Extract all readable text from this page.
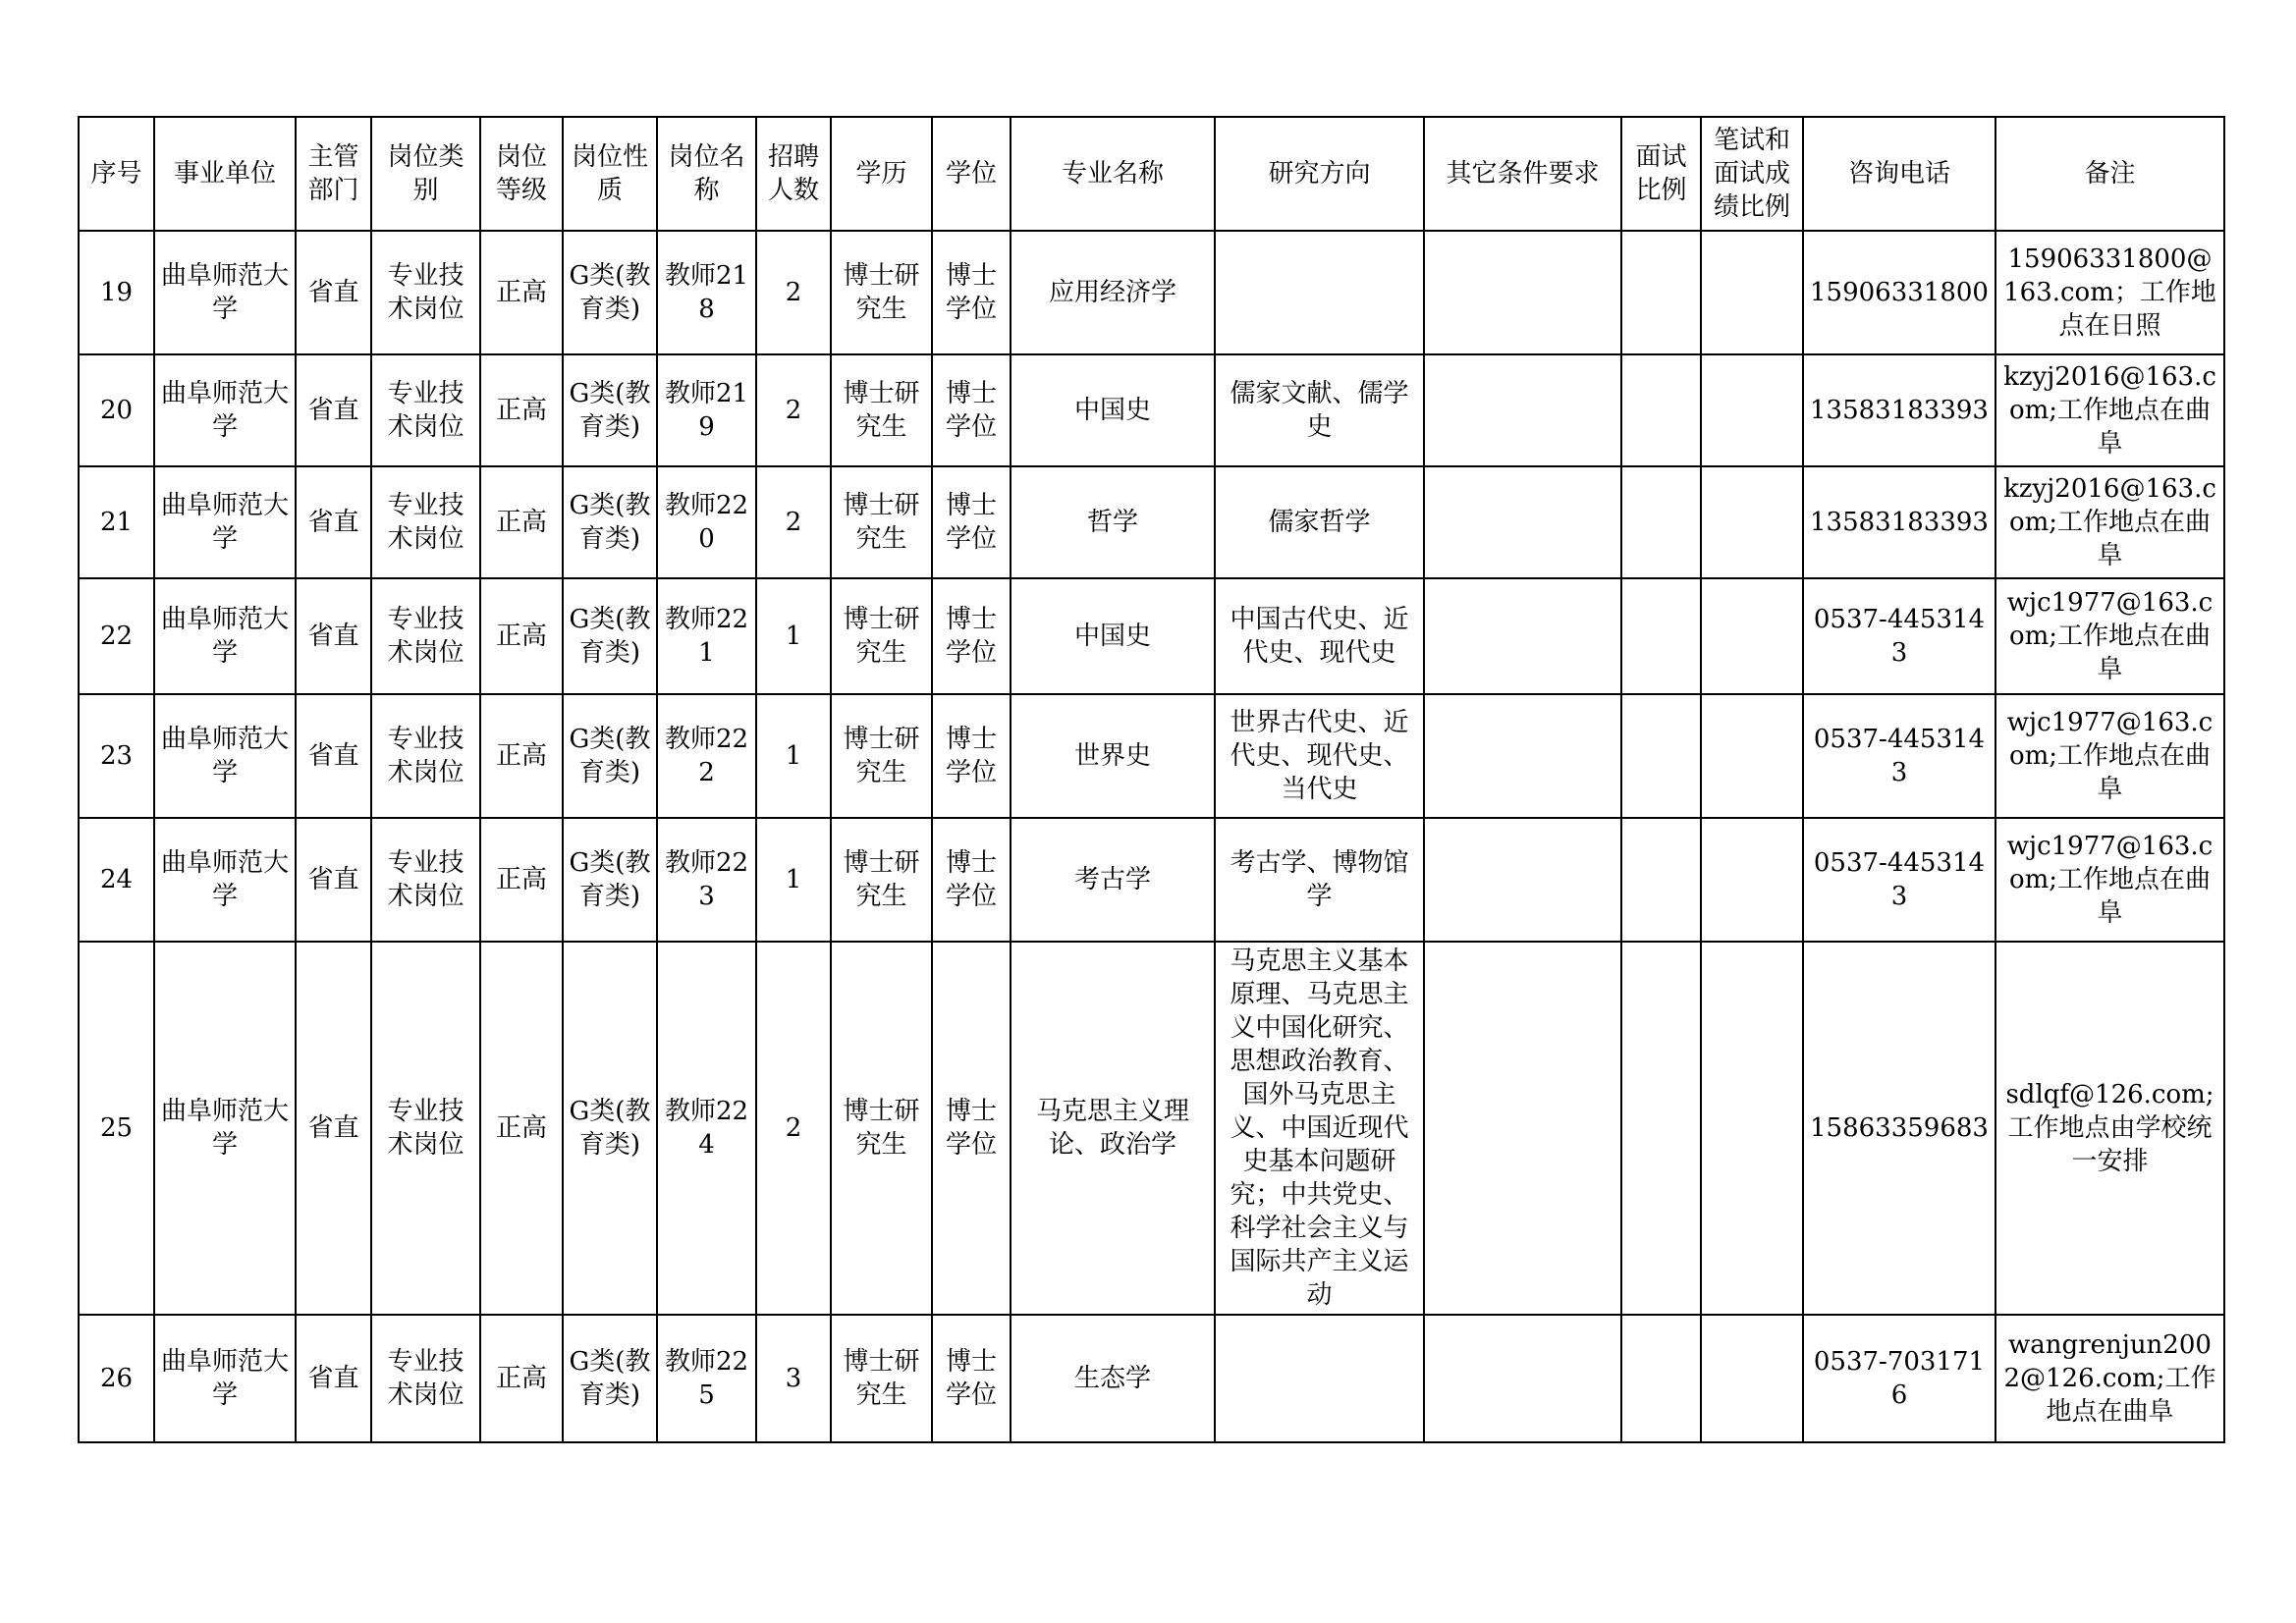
序号	事业单位	主管部门	岗位类别	岗位等级	岗位性质	岗位名称	招聘人数	学历	学位	专业名称	研究方向	其它条件要求	面试比例	笔试和面试成绩比例	咨询电话	备注
19	曲阜师范大学	省直	专业技术岗位	正高	G类(教育类)	教师218	2	博士研究生	博士学位	应用经济学					15906331800	15906331800@163.com；工作地点在日照
20	曲阜师范大学	省直	专业技术岗位	正高	G类(教育类)	教师219	2	博士研究生	博士学位	中国史	儒家文献、儒学史				13583183393	kzyj2016@163.com;工作地点在曲阜
21	曲阜师范大学	省直	专业技术岗位	正高	G类(教育类)	教师220	2	博士研究生	博士学位	哲学	儒家哲学				13583183393	kzyj2016@163.com;工作地点在曲阜
22	曲阜师范大学	省直	专业技术岗位	正高	G类(教育类)	教师221	1	博士研究生	博士学位	中国史	中国古代史、近代史、现代史				0537-4453143	wjc1977@163.com;工作地点在曲阜
23	曲阜师范大学	省直	专业技术岗位	正高	G类(教育类)	教师222	1	博士研究生	博士学位	世界史	世界古代史、近代史、现代史、当代史				0537-4453143	wjc1977@163.com;工作地点在曲阜
24	曲阜师范大学	省直	专业技术岗位	正高	G类(教育类)	教师223	1	博士研究生	博士学位	考古学	考古学、博物馆学				0537-4453143	wjc1977@163.com;工作地点在曲阜
25	曲阜师范大学	省直	专业技术岗位	正高	G类(教育类)	教师224	2	博士研究生	博士学位	马克思主义理论、政治学	马克思主义基本原理、马克思主义中国化研究、思想政治教育、国外马克思主义、中国近现代史基本问题研究；中共党史、科学社会主义与国际共产主义运动				15863359683	sdlqf@126.com;工作地点由学校统一安排
26	曲阜师范大学	省直	专业技术岗位	正高	G类(教育类)	教师225	3	博士研究生	博士学位	生态学					0537-7031716	wangrenjun2002@126.com;工作地点在曲阜
